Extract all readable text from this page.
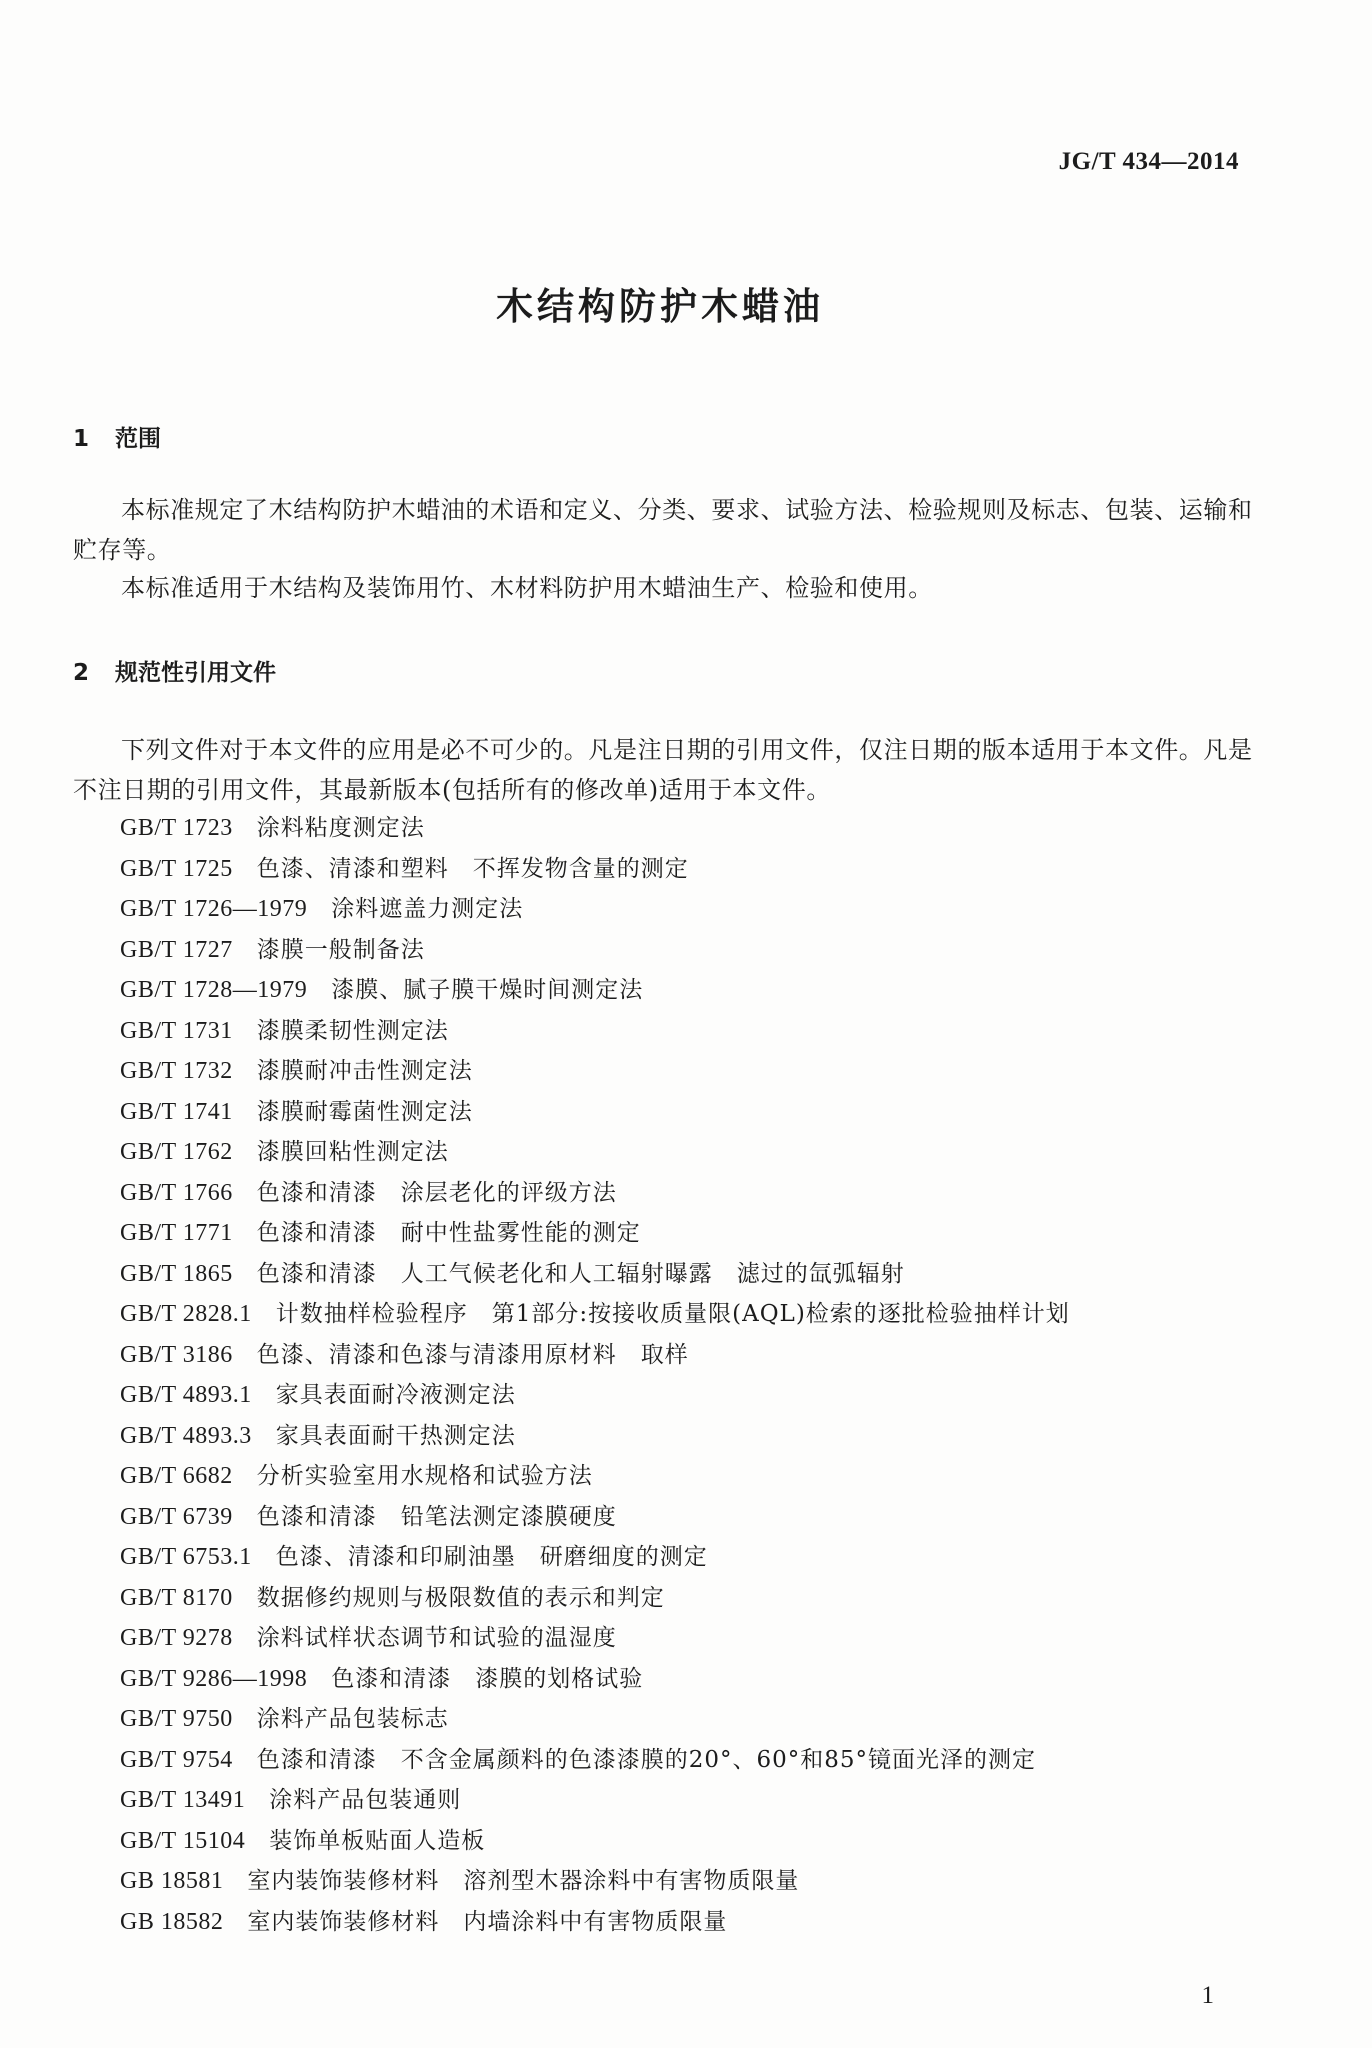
JG/T 434—2014
木结构防护木蜡油
1 范围

本标准规定了木结构防护木蜡油的术语和定义、分类、要求、试验方法、检验规则及标志、包装、运输和贮存等。

本标准适用于木结构及装饰用竹、木材料防护用木蜡油生产、检验和使用。

2 规范性引用文件

下列文件对于本文件的应用是必不可少的。凡是注日期的引用文件，仅注日期的版本适用于本文件。凡是不注日期的引用文件，其最新版本(包括所有的修改单)适用于本文件。

GB/T 1723 涂料粘度测定法
GB/T 1725 色漆、清漆和塑料　不挥发物含量的测定
GB/T 1726—1979 涂料遮盖力测定法
GB/T 1727 漆膜一般制备法
GB/T 1728—1979 漆膜、腻子膜干燥时间测定法
GB/T 1731 漆膜柔韧性测定法
GB/T 1732 漆膜耐冲击性测定法
GB/T 1741 漆膜耐霉菌性测定法
GB/T 1762 漆膜回粘性测定法
GB/T 1766 色漆和清漆　涂层老化的评级方法
GB/T 1771 色漆和清漆　耐中性盐雾性能的测定
GB/T 1865 色漆和清漆　人工气候老化和人工辐射曝露　滤过的氙弧辐射
GB/T 2828.1 计数抽样检验程序　第1部分:按接收质量限(AQL)检索的逐批检验抽样计划
GB/T 3186 色漆、清漆和色漆与清漆用原材料　取样
GB/T 4893.1 家具表面耐冷液测定法
GB/T 4893.3 家具表面耐干热测定法
GB/T 6682 分析实验室用水规格和试验方法
GB/T 6739 色漆和清漆　铅笔法测定漆膜硬度
GB/T 6753.1 色漆、清漆和印刷油墨　研磨细度的测定
GB/T 8170 数据修约规则与极限数值的表示和判定
GB/T 9278 涂料试样状态调节和试验的温湿度
GB/T 9286—1998 色漆和清漆　漆膜的划格试验
GB/T 9750 涂料产品包装标志
GB/T 9754 色漆和清漆　不含金属颜料的色漆漆膜的20°、60°和85°镜面光泽的测定
GB/T 13491 涂料产品包装通则
GB/T 15104 装饰单板贴面人造板
GB 18581 室内装饰装修材料　溶剂型木器涂料中有害物质限量
GB 18582 室内装饰装修材料　内墙涂料中有害物质限量
1
